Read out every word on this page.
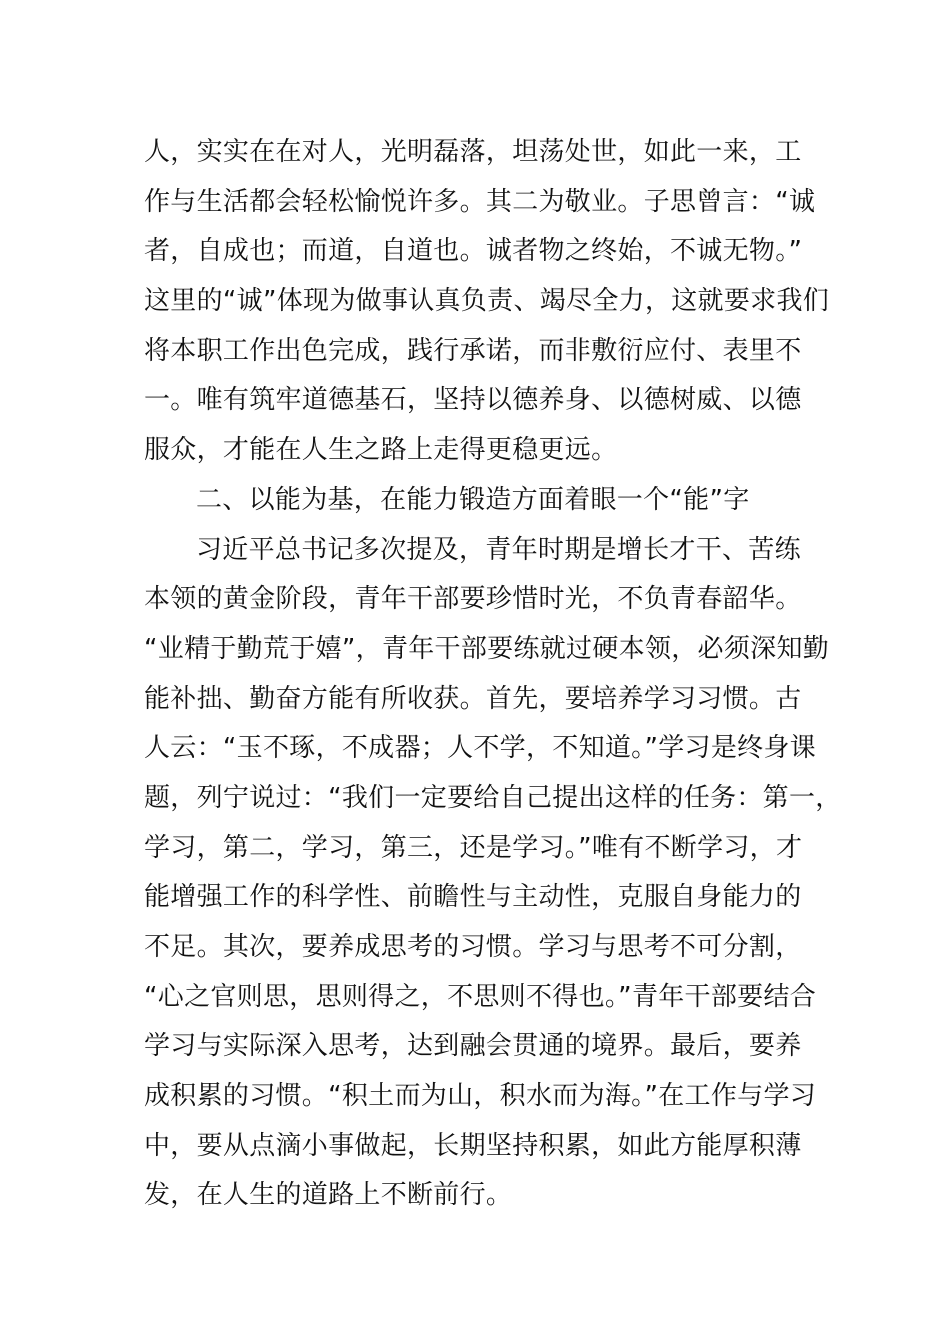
人，实实在在对人，光明磊落，坦荡处世，如此一来，工
作与生活都会轻松愉悦许多。其二为敬业。子思曾言：“诚
者，自成也；而道，自道也。诚者物之终始，不诚无物。”
这里的“诚”体现为做事认真负责、竭尽全力，这就要求我们
将本职工作出色完成，践行承诺，而非敷衍应付、表里不
一。唯有筑牢道德基石，坚持以德养身、以德树威、以德
服众，才能在人生之路上走得更稳更远。
二、以能为基，在能力锻造方面着眼一个“能”字
习近平总书记多次提及，青年时期是增长才干、苦练
本领的黄金阶段，青年干部要珍惜时光，不负青春韶华。
“业精于勤荒于嬉”，青年干部要练就过硬本领，必须深知勤
能补拙、勤奋方能有所收获。首先，要培养学习习惯。古
人云：“玉不琢，不成器；人不学，不知道。”学习是终身课
题，列宁说过：“我们一定要给自己提出这样的任务：第一，
学习，第二，学习，第三，还是学习。”唯有不断学习，才
能增强工作的科学性、前瞻性与主动性，克服自身能力的
不足。其次，要养成思考的习惯。学习与思考不可分割，
“心之官则思，思则得之，不思则不得也。”青年干部要结合
学习与实际深入思考，达到融会贯通的境界。最后，要养
成积累的习惯。“积土而为山，积水而为海。”在工作与学习
中，要从点滴小事做起，长期坚持积累，如此方能厚积薄
发，在人生的道路上不断前行。
